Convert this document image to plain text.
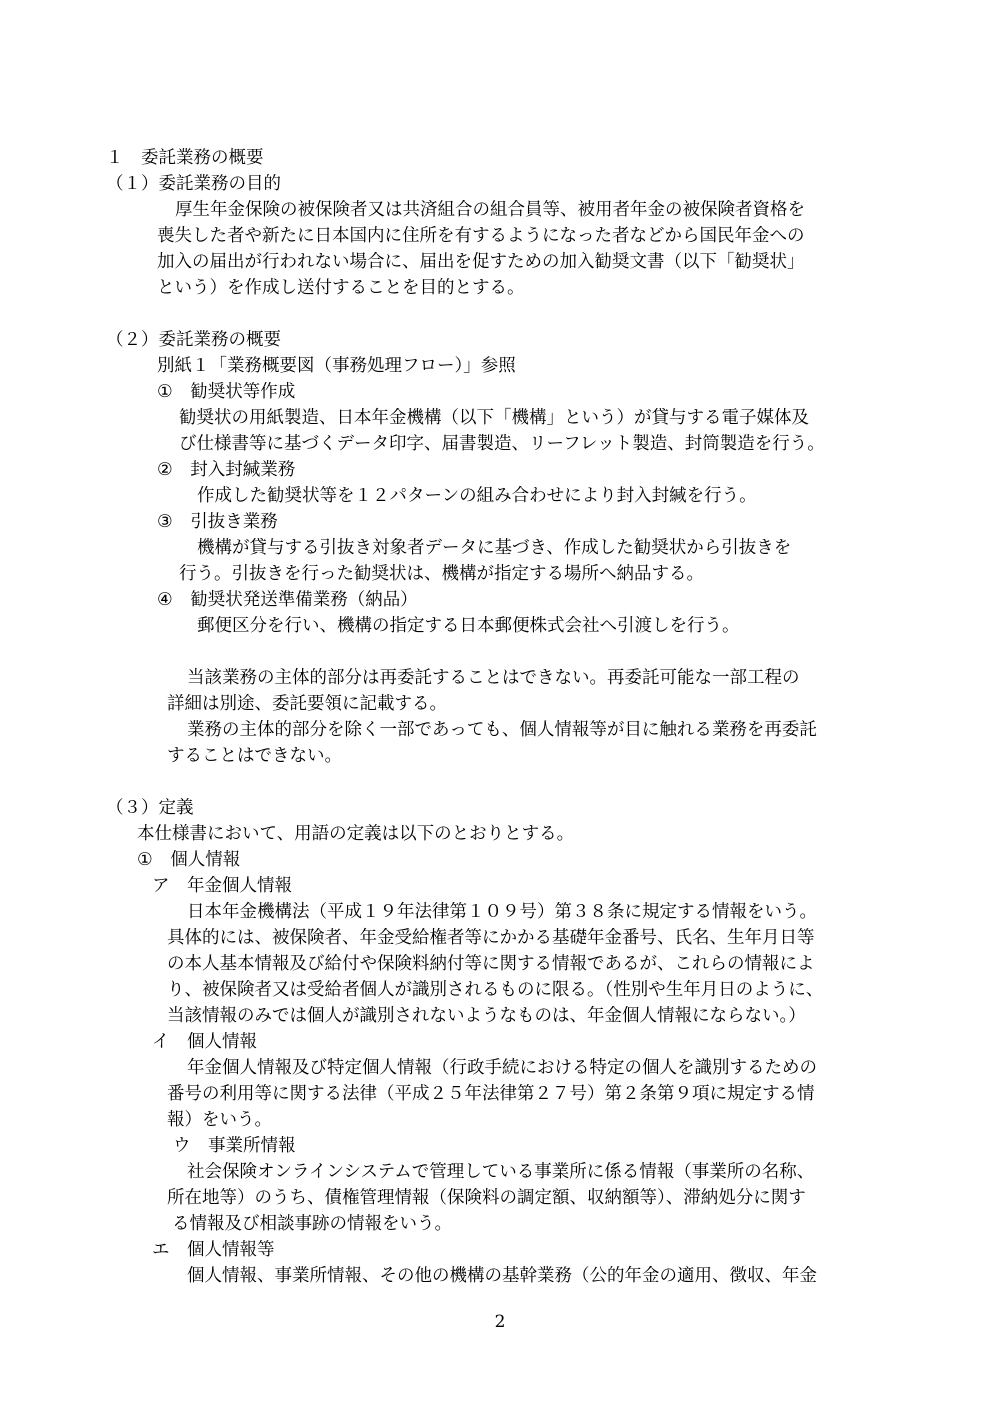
１　委託業務の概要

（１）委託業務の目的

厚生年金保険の被保険者又は共済組合の組合員等、被用者年金の被保険者資格を

喪失した者や新たに日本国内に住所を有するようになった者などから国民年金への

加入の届出が行われない場合に、届出を促すための加入勧奨文書（以下「勧奨状」

という）を作成し送付することを目的とする。

（２）委託業務の概要

別紙１「業務概要図（事務処理フロー）」参照

①　勧奨状等作成

勧奨状の用紙製造、日本年金機構（以下「機構」という）が貸与する電子媒体及

び仕様書等に基づくデータ印字、届書製造、リーフレット製造、封筒製造を行う。

②　封入封緘業務

作成した勧奨状等を１２パターンの組み合わせにより封入封緘を行う。

③　引抜き業務

機構が貸与する引抜き対象者データに基づき、作成した勧奨状から引抜きを

行う。引抜きを行った勧奨状は、機構が指定する場所へ納品する。

④　勧奨状発送準備業務（納品）

郵便区分を行い、機構の指定する日本郵便株式会社へ引渡しを行う。

当該業務の主体的部分は再委託することはできない。再委託可能な一部工程の

詳細は別途、委託要領に記載する。

業務の主体的部分を除く一部であっても、個人情報等が目に触れる業務を再委託

することはできない。

（３）定義

本仕様書において、用語の定義は以下のとおりとする。

①　個人情報

ア　年金個人情報

日本年金機構法（平成１９年法律第１０９号）第３８条に規定する情報をいう。

具体的には、被保険者、年金受給権者等にかかる基礎年金番号、氏名、生年月日等

の本人基本情報及び給付や保険料納付等に関する情報であるが、これらの情報によ

り、被保険者又は受給者個人が識別されるものに限る。（性別や生年月日のように、

当該情報のみでは個人が識別されないようなものは、年金個人情報にならない。）

イ　個人情報

年金個人情報及び特定個人情報（行政手続における特定の個人を識別するための

番号の利用等に関する法律（平成２５年法律第２７号）第２条第９項に規定する情

報）をいう。

ウ　事業所情報

社会保険オンラインシステムで管理している事業所に係る情報（事業所の名称、

所在地等）のうち、債権管理情報（保険料の調定額、収納額等）、滞納処分に関す

る情報及び相談事跡の情報をいう。

エ　個人情報等

個人情報、事業所情報、その他の機構の基幹業務（公的年金の適用、徴収、年金

2
